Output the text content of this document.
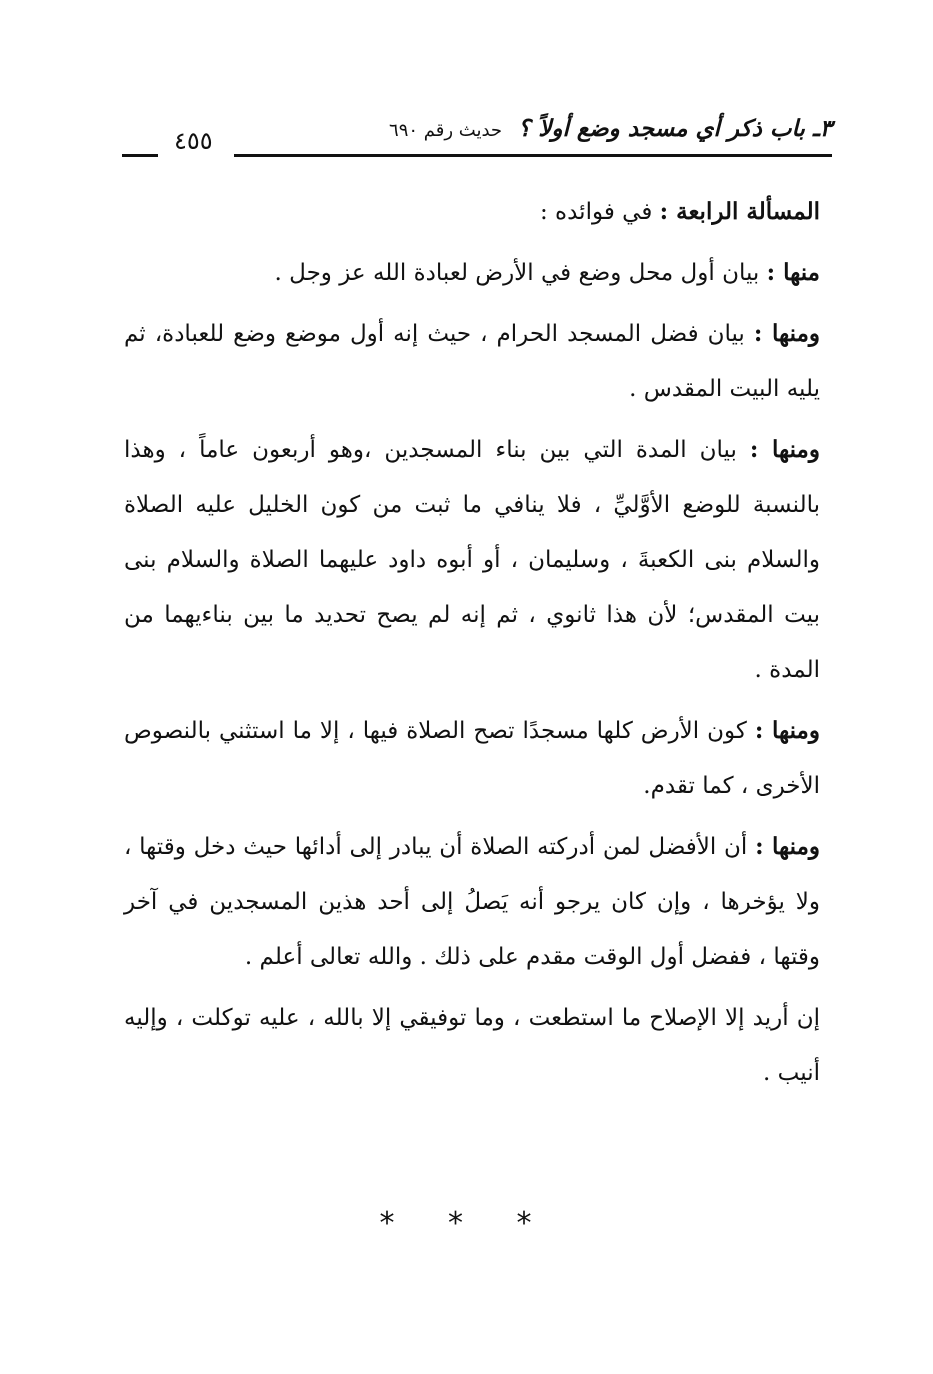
٣ـ باب ذكر أي مسجد وضع أولاً ؟ حديث رقم ٦٩٠
٤٥٥

المسألة الرابعة : في فوائده :

منها : بيان أول محل وضع في الأرض لعبادة الله عز وجل .

ومنها : بيان فضل المسجد الحرام ، حيث إنه أول موضع وضع للعبادة، ثم يليه البيت المقدس .

ومنها : بيان المدة التي بين بناء المسجدين ،وهو أربعون عاماً ، وهذا بالنسبة للوضع الأوَّليِّ ، فلا ينافي ما ثبت من كون الخليل عليه الصلاة والسلام بنى الكعبةَ ، وسليمان ، أو أبوه داود عليهما الصلاة والسلام بنى بيت المقدس؛ لأن هذا ثانوي ، ثم إنه لم يصح تحديد ما بين بناءيهما من المدة .

ومنها : كون الأرض كلها مسجدًا تصح الصلاة فيها ، إلا ما استثني بالنصوص الأخرى ، كما تقدم.

ومنها : أن الأفضل لمن أدركته الصلاة أن يبادر إلى أدائها حيث دخل وقتها ، ولا يؤخرها ، وإن كان يرجو أنه يَصلُ إلى أحد هذين المسجدين في آخر وقتها ، ففضل أول الوقت مقدم على ذلك . والله تعالى أعلم .

إن أريد إلا الإصلاح ما استطعت ، وما توفيقي إلا بالله ، عليه توكلت ، وإليه أنيب .

* * *
